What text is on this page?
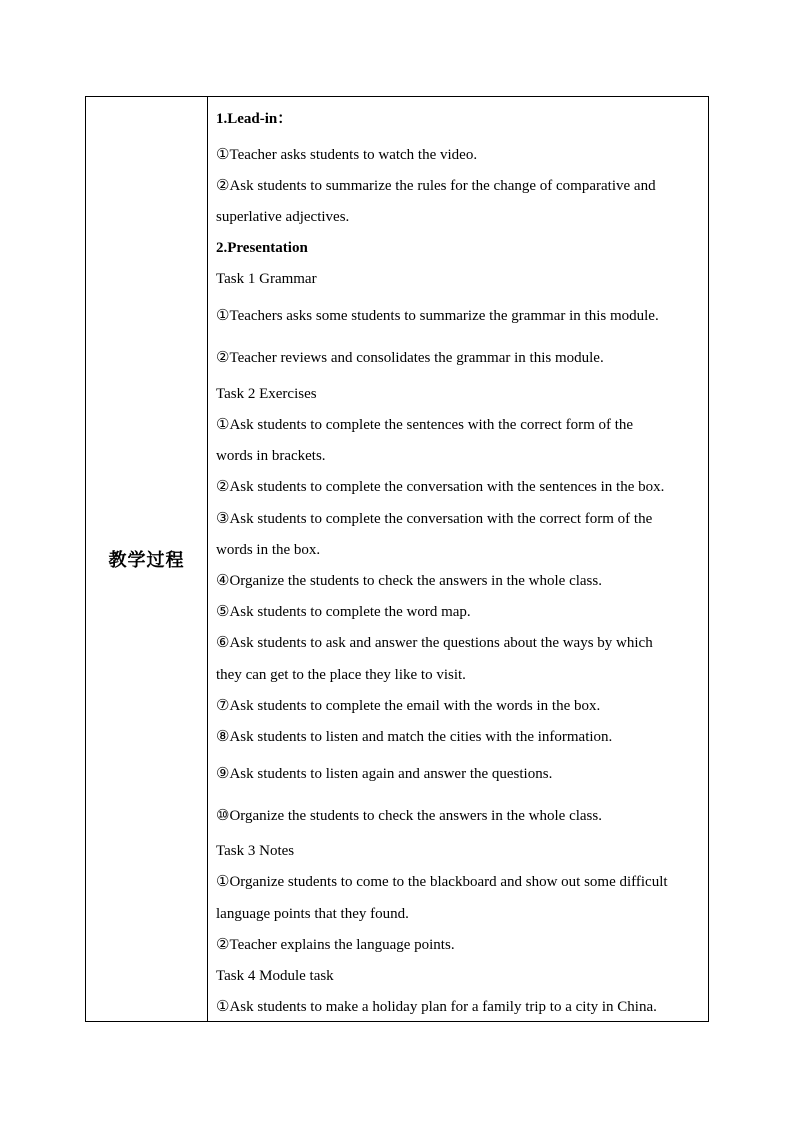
教学过程	
1.Lead-in：
①Teacher asks students to watch the video.
②Ask students to summarize the rules for the change of comparative and
superlative adjectives.
2.Presentation
Task 1 Grammar
①Teachers asks some students to summarize the grammar in this module.
②Teacher reviews and consolidates the grammar in this module.
Task 2 Exercises
①Ask students to complete the sentences with the correct form of the
words in brackets.
②Ask students to complete the conversation with the sentences in the box.
③Ask students to complete the conversation with the correct form of the
words in the box.
④Organize the students to check the answers in the whole class.
⑤Ask students to complete the word map.
⑥Ask students to ask and answer the questions about the ways by which
they can get to the place they like to visit.
⑦Ask students to complete the email with the words in the box.
⑧Ask students to listen and match the cities with the information.
⑨Ask students to listen again and answer the questions.
⑩Organize the students to check the answers in the whole class.
Task 3 Notes
①Organize students to come to the blackboard and show out some difficult
language points that they found.
②Teacher explains the language points.
Task 4 Module task
①Ask students to make a holiday plan for a family trip to a city in China.
